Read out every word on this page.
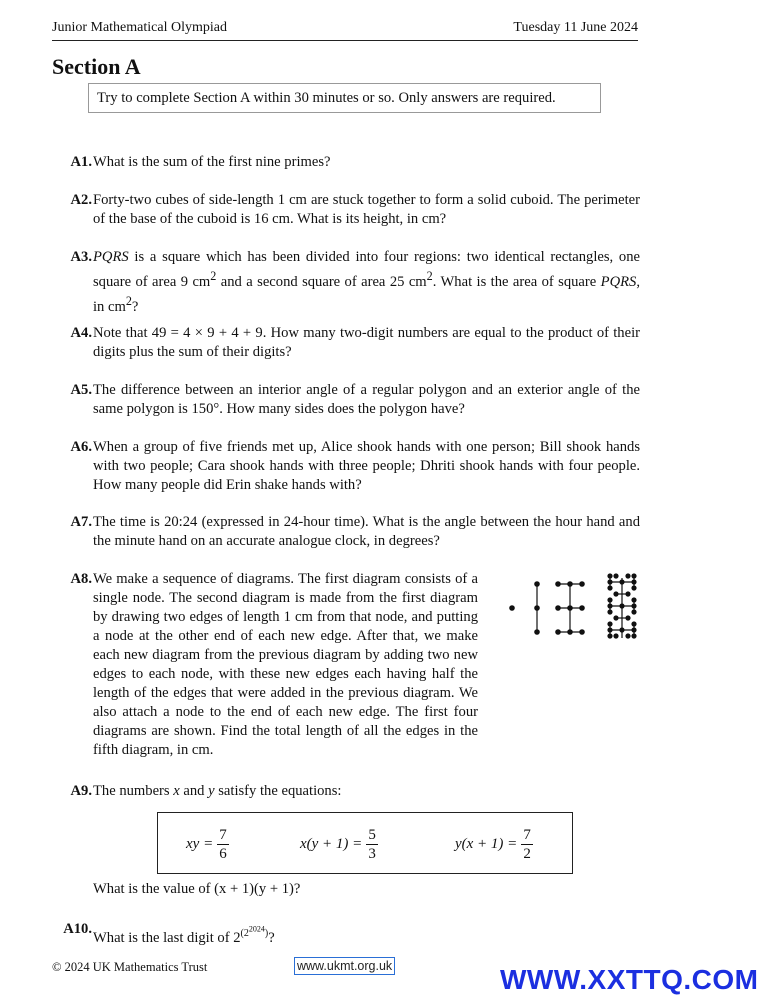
Junior Mathematical Olympiad	Tuesday 11 June 2024
Section A
Try to complete Section A within 30 minutes or so. Only answers are required.
A1. What is the sum of the first nine primes?
A2. Forty-two cubes of side-length 1 cm are stuck together to form a solid cuboid. The perimeter of the base of the cuboid is 16 cm. What is its height, in cm?
A3. PQRS is a square which has been divided into four regions: two identical rectangles, one square of area 9 $cm^2$ and a second square of area 25 $cm^2$. What is the area of square PQRS, in $cm^2$?
A4. Note that 49 = 4 × 9 + 4 + 9. How many two-digit numbers are equal to the product of their digits plus the sum of their digits?
A5. The difference between an interior angle of a regular polygon and an exterior angle of the same polygon is 150°. How many sides does the polygon have?
A6. When a group of five friends met up, Alice shook hands with one person; Bill shook hands with two people; Cara shook hands with three people; Dhriti shook hands with four people. How many people did Erin shake hands with?
A7. The time is 20:24 (expressed in 24-hour time). What is the angle between the hour hand and the minute hand on an accurate analogue clock, in degrees?
A8. We make a sequence of diagrams. The first diagram consists of a single node. The second diagram is made from the first diagram by drawing two edges of length 1 cm from that node, and putting a node at the other end of each new edge. After that, we make each new diagram from the previous diagram by adding two new edges to each node, with these new edges each having half the length of the edges that were added in the previous diagram. We also attach a node to the end of each new edge. The first four diagrams are shown. Find the total length of all the edges in the fifth diagram, in cm.
A9. The numbers x and y satisfy the equations:
xy = $\frac{7}{6}$	$x(y + 1) = \frac{5}{3}$	$y(x + 1) = \frac{7}{2}$
What is the value of (x + 1)(y + 1)?
A10.
What is the last digit of $2^{(2^{2024})}$?
© 2024 UK Mathematics Trust	www.ukmt.org.uk	WWW.XXTTQ.COM
